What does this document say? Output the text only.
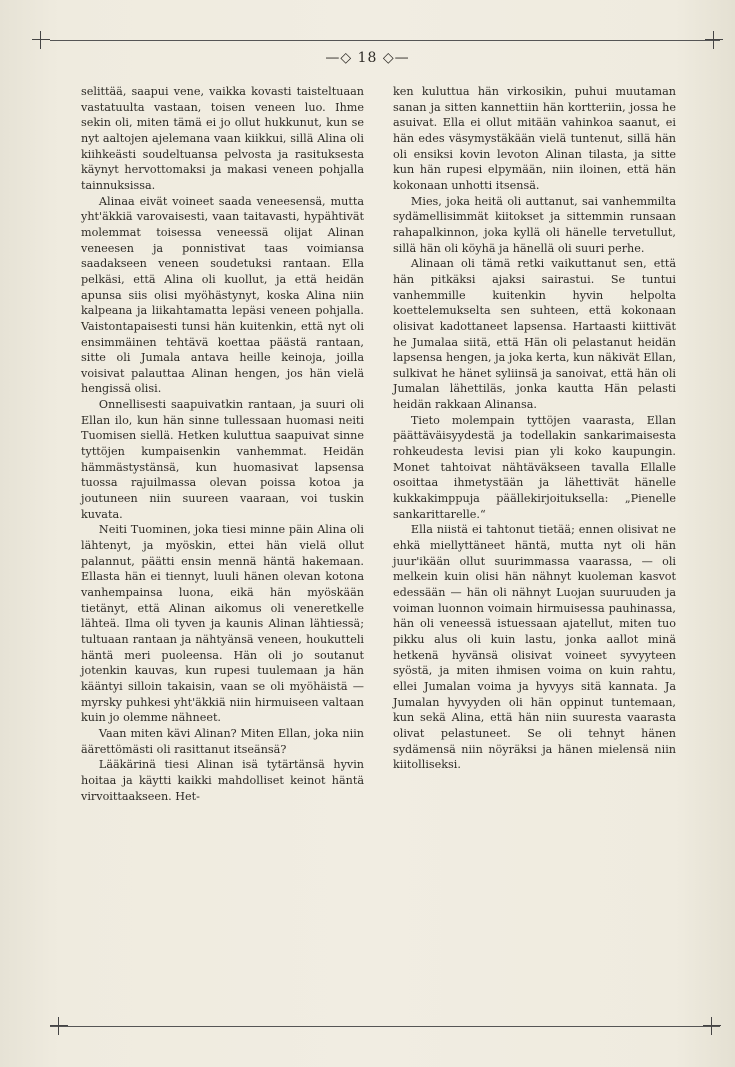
—◇ 18 ◇—

selittää, saapui vene, vaikka kovasti taisteltuaan vastatuulta vastaan, toisen veneen luo. Ihme sekin oli, miten tämä ei jo ollut hukkunut, kun se nyt aaltojen ajelemana vaan kiikkui, sillä Alina oli kiihkeästi soudeltuansa pelvosta ja rasituksesta käynyt hervottomaksi ja makasi veneen pohjalla tainnuksissa.

Alinaa eivät voineet saada veneesensä, mutta yht'äkkiä varovaisesti, vaan taitavasti, hypähtivät molemmat toisessa veneessä olijat Alinan veneesen ja ponnistivat taas voimiansa saadakseen veneen soudetuksi rantaan. Ella pelkäsi, että Alina oli kuollut, ja että heidän apunsa siis olisi myöhästynyt, koska Alina niin kalpeana ja liikahtamatta lepäsi veneen pohjalla. Vaistontapaisesti tunsi hän kuitenkin, että nyt oli ensimmäinen tehtävä koettaa päästä rantaan, sitte oli Jumala antava heille keinoja, joilla voisivat palauttaa Alinan hengen, jos hän vielä hengissä olisi.

Onnellisesti saapuivatkin rantaan, ja suuri oli Ellan ilo, kun hän sinne tullessaan huomasi neiti Tuomisen siellä. Hetken kuluttua saapuivat sinne tyttöjen kumpaisenkin vanhemmat. Heidän hämmästystänsä, kun huomasivat lapsensa tuossa rajuilmassa olevan poissa kotoa ja joutuneen niin suureen vaaraan, voi tuskin kuvata.

Neiti Tuominen, joka tiesi minne päin Alina oli lähtenyt, ja myöskin, ettei hän vielä ollut palannut, päätti ensin mennä häntä hakemaan. Ellasta hän ei tiennyt, luuli hänen olevan kotona vanhempainsa luona, eikä hän myöskään tietänyt, että Alinan aikomus oli veneretkelle lähteä. Ilma oli tyven ja kaunis Alinan lähtiessä; tultuaan rantaan ja nähtyänsä veneen, houkutteli häntä meri puoleensa. Hän oli jo soutanut jotenkin kauvas, kun rupesi tuulemaan ja hän kääntyi silloin takaisin, vaan se oli myöhäistä — myrsky puhkesi yht'äkkiä niin hirmuiseen valtaan kuin jo olemme nähneet.

Vaan miten kävi Alinan? Miten Ellan, joka niin äärettömästi oli rasittanut itseänsä?

Lääkärinä tiesi Alinan isä tytärtänsä hyvin hoitaa ja käytti kaikki mahdolliset keinot häntä virvoittaakseen. Het-

ken kuluttua hän virkosikin, puhui muutaman sanan ja sitten kannettiin hän kortteriin, jossa he asuivat. Ella ei ollut mitään vahinkoa saanut, ei hän edes väsymystäkään vielä tuntenut, sillä hän oli ensiksi kovin levoton Alinan tilasta, ja sitte kun hän rupesi elpymään, niin iloinen, että hän kokonaan unhotti itsensä.

Mies, joka heitä oli auttanut, sai vanhemmilta sydämellisimmät kiitokset ja sittemmin runsaan rahapalkinnon, joka kyllä oli hänelle tervetullut, sillä hän oli köyhä ja hänellä oli suuri perhe.

Alinaan oli tämä retki vaikuttanut sen, että hän pitkäksi ajaksi sairastui. Se tuntui vanhemmille kuitenkin hyvin helpolta koettelemukselta sen suhteen, että kokonaan olisivat kadottaneet lapsensa. Hartaasti kiittivät he Jumalaa siitä, että Hän oli pelastanut heidän lapsensa hengen, ja joka kerta, kun näkivät Ellan, sulkivat he hänet syliinsä ja sanoivat, että hän oli Jumalan lähettiläs, jonka kautta Hän pelasti heidän rakkaan Alinansa.

Tieto molempain tyttöjen vaarasta, Ellan päättäväisyydestä ja todellakin sankarimaisesta rohkeudesta levisi pian yli koko kaupungin. Monet tahtoivat nähtäväkseen tavalla Ellalle osoittaa ihmetystään ja lähettivät hänelle kukkakimppuja päällekirjoituksella: „Pienelle sankarittarelle.“

Ella niistä ei tahtonut tietää; ennen olisivat ne ehkä miellyttäneet häntä, mutta nyt oli hän juur'ikään ollut suurimmassa vaarassa, — oli melkein kuin olisi hän nähnyt kuoleman kasvot edessään — hän oli nähnyt Luojan suuruuden ja voiman luonnon voimain hirmuisessa pauhinassa, hän oli veneessä istuessaan ajatellut, miten tuo pikku alus oli kuin lastu, jonka aallot minä hetkenä hyvänsä olisivat voineet syvyyteen syöstä, ja miten ihmisen voima on kuin rahtu, ellei Jumalan voima ja hyvyys sitä kannata. Ja Jumalan hyvyyden oli hän oppinut tuntemaan, kun sekä Alina, että hän niin suuresta vaarasta olivat pelastuneet. Se oli tehnyt hänen sydämensä niin nöyräksi ja hänen mielensä niin kiitolliseksi.
